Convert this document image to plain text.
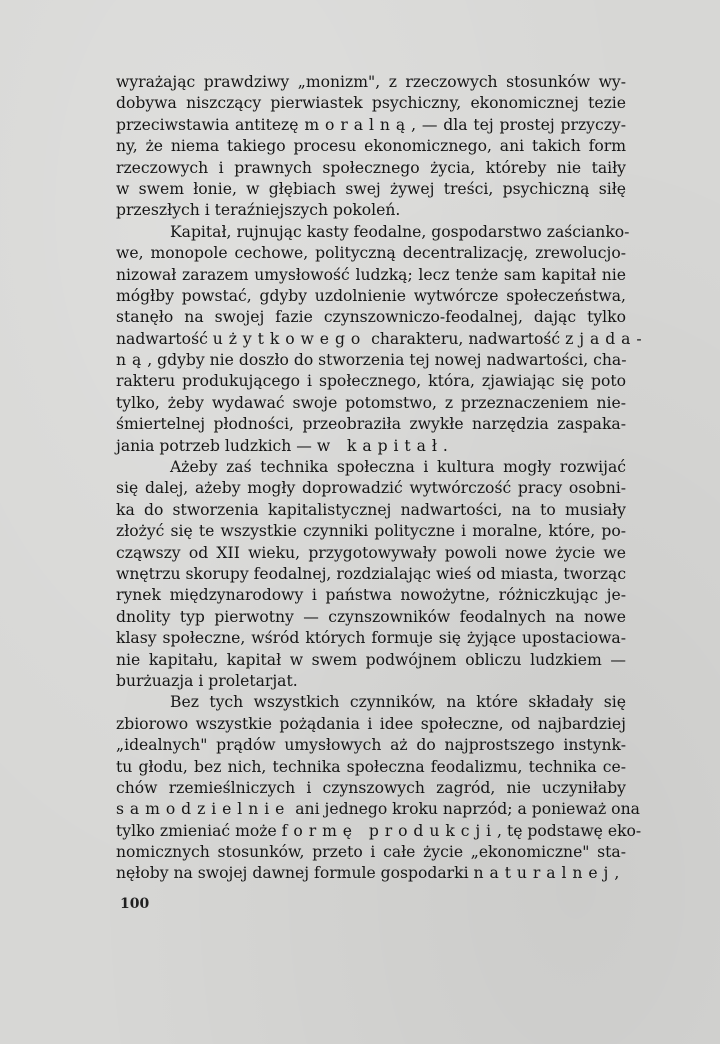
wyrażając prawdziwy „monizm", z rzeczowych stosunków wy-
dobywa niszczący pierwiastek psychiczny, ekonomicznej tezie
przeciwstawia antitezę moralną, — dla tej prostej przyczy-
ny, że niema takiego procesu ekonomicznego, ani takich form
rzeczowych i prawnych społecznego życia, któreby nie taiły
w swem łonie, w głębiach swej żywej treści, psychiczną siłę
przeszłych i teraźniejszych pokoleń.
Kapitał, rujnując kasty feodalne, gospodarstwo zaścianko-
we, monopole cechowe, polityczną decentralizację, zrewolucjo-
nizował zarazem umysłowość ludzką; lecz tenże sam kapitał nie
mógłby powstać, gdyby uzdolnienie wytwórcze społeczeństwa,
stanęło na swojej fazie czynszowniczo-feodalnej, dając tylko
nadwartość użytkowego charakteru, nadwartość zjada-
ną, gdyby nie doszło do stworzenia tej nowej nadwartości, cha-
rakteru produkującego i społecznego, która, zjawiając się poto
tylko, żeby wydawać swoje potomstwo, z przeznaczeniem nie-
śmiertelnej płodności, przeobraziła zwykłe narzędzia zaspaka-
jania potrzeb ludzkich — w kapitał.
Ażeby zaś technika społeczna i kultura mogły rozwijać
się dalej, ażeby mogły doprowadzić wytwórczość pracy osobni-
ka do stworzenia kapitalistycznej nadwartości, na to musiały
złożyć się te wszystkie czynniki polityczne i moralne, które, po-
cząwszy od XII wieku, przygotowywały powoli nowe życie we
wnętrzu skorupy feodalnej, rozdzialając wieś od miasta, tworząc
rynek międzynarodowy i państwa nowożytne, różniczkując je-
dnolity typ pierwotny — czynszowników feodalnych na nowe
klasy społeczne, wśród których formuje się żyjące upostaciowa-
nie kapitału, kapitał w swem podwójnem obliczu ludzkiem —
burżuazja i proletarjat.
Bez tych wszystkich czynników, na które składały się
zbiorowo wszystkie pożądania i idee społeczne, od najbardziej
„idealnych" prądów umysłowych aż do najprostszego instynk-
tu głodu, bez nich, technika społeczna feodalizmu, technika ce-
chów rzemieślniczych i czynszowych zagród, nie uczyniłaby
samodzielnie ani jednego kroku naprzód; a ponieważ ona
tylko zmieniać może formę produkcji, tę podstawę eko-
nomicznych stosunków, przeto i całe życie „ekonomiczne" sta-
nęłoby na swojej dawnej formule gospodarki naturalnej,
100
